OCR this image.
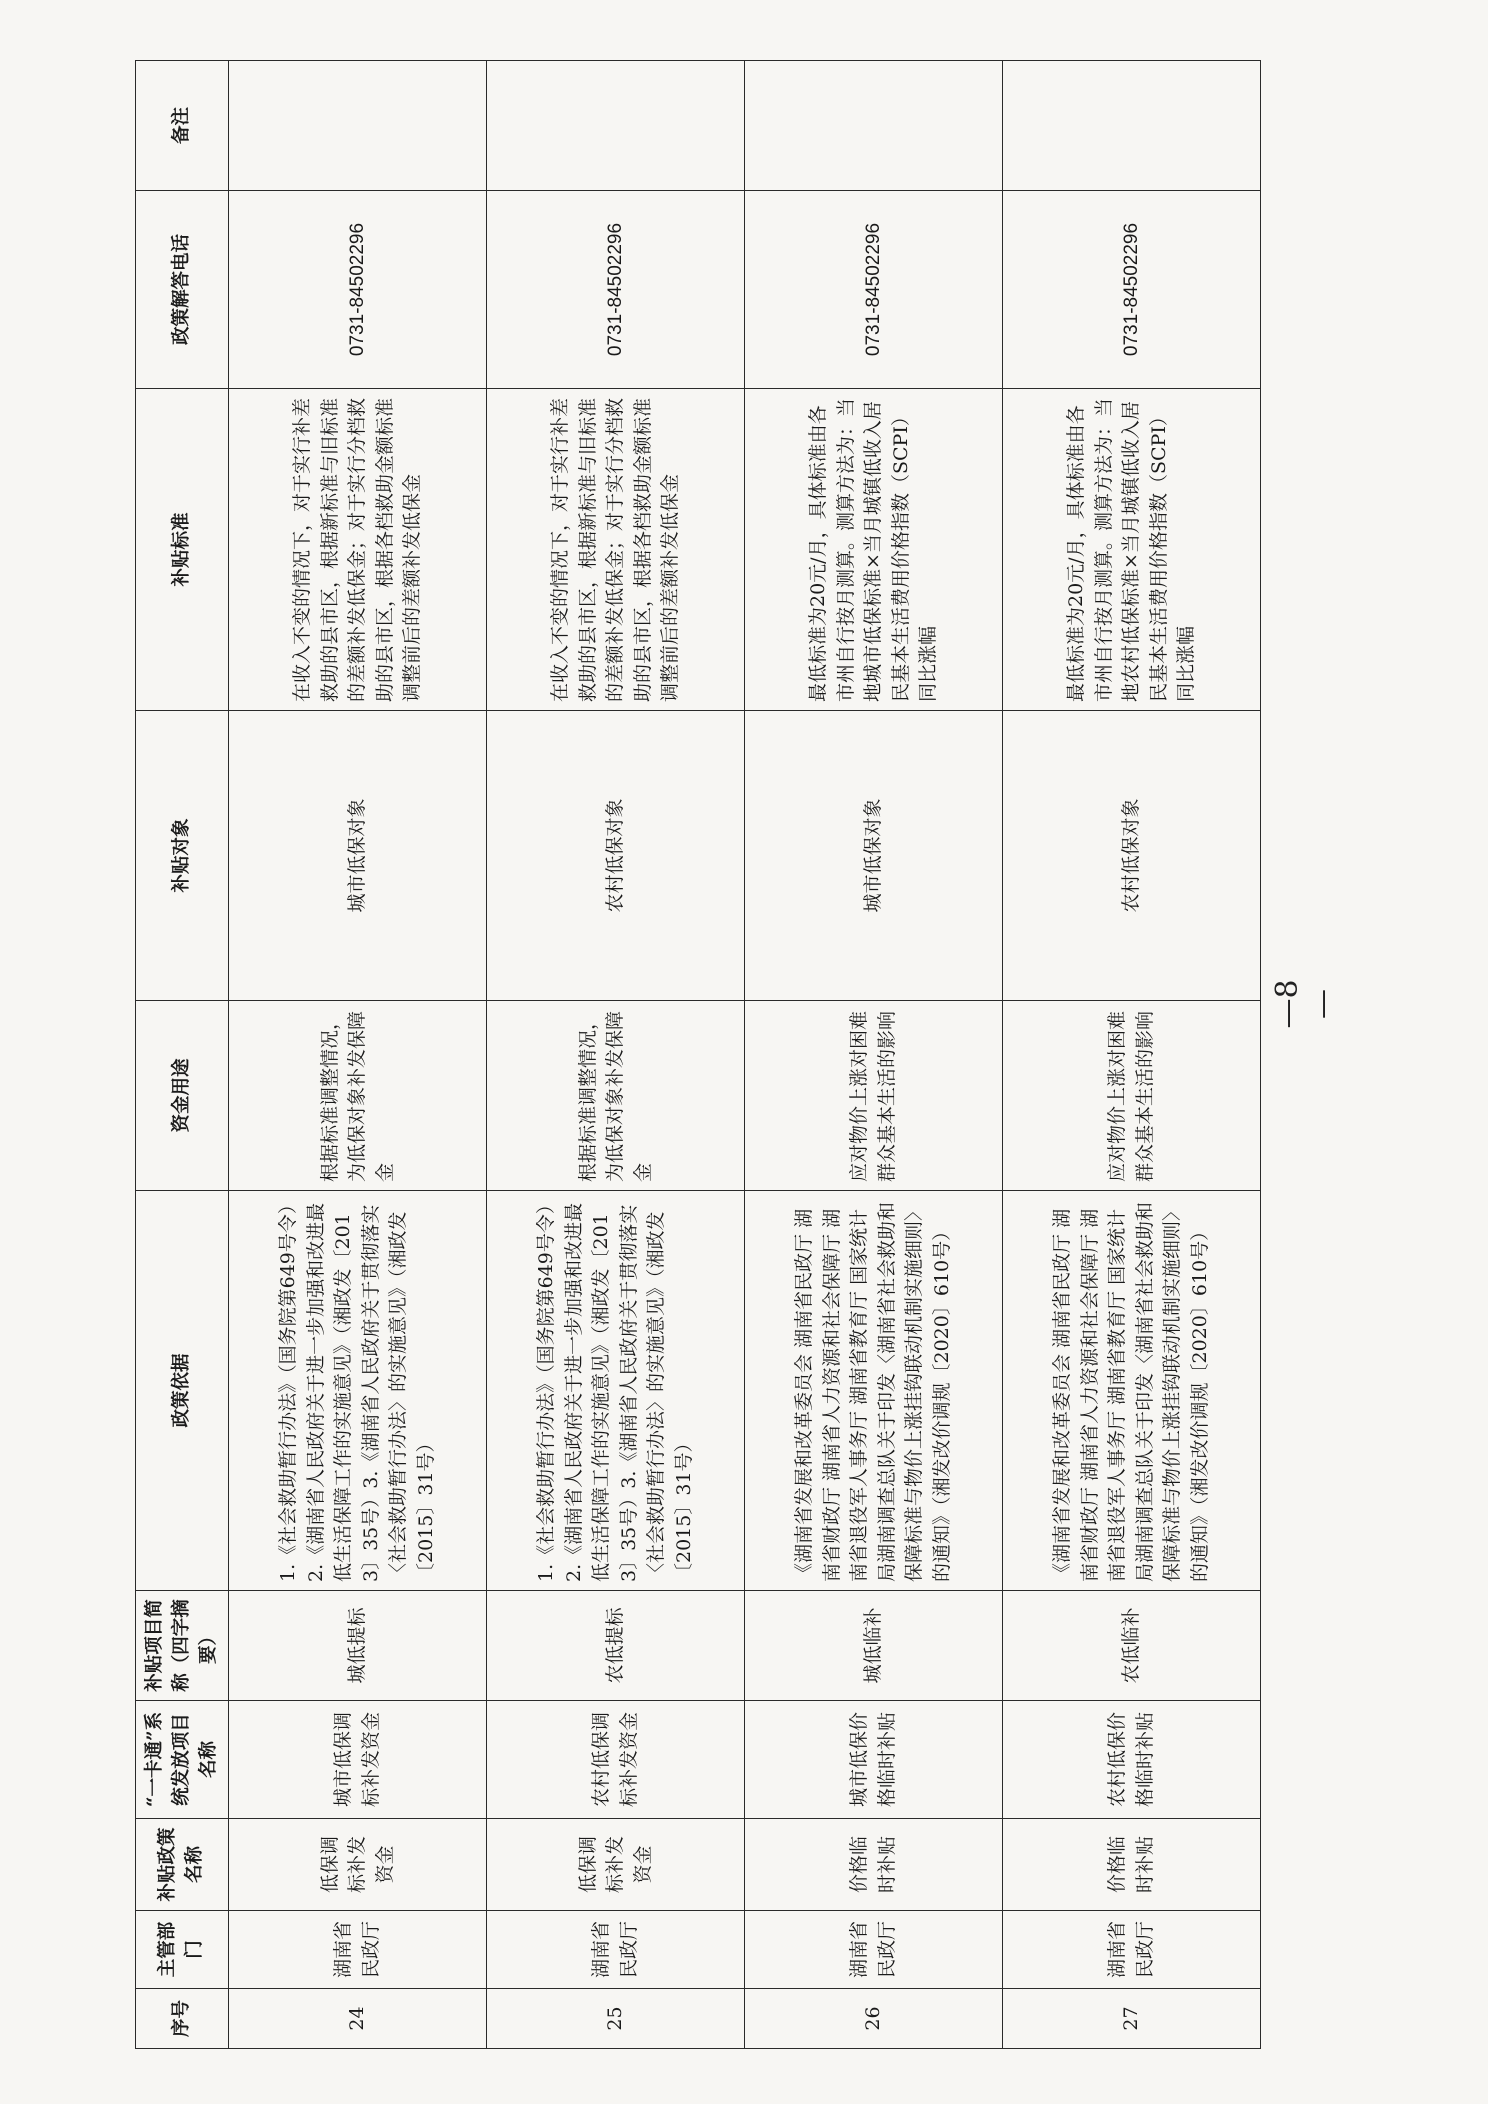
序号	主管部门	补贴政策名称	“一卡通”系统发放项目名称	补贴项目简称（四字摘要）	政策依据	资金用途	补贴对象	补贴标准	政策解答电话	备注
24	湖南省民政厅	低保调标补发资金	城市低保调标补发资金	城低提标	1.《社会救助暂行办法》（国务院第649号令）2.《湖南省人民政府关于进一步加强和改进最低生活保障工作的实施意见》（湘政发〔2013〕35号）3.《湖南省人民政府关于贯彻落实〈社会救助暂行办法〉的实施意见》（湘政发〔2015〕31号）	根据标准调整情况，为低保对象补发保障金	城市低保对象	在收入不变的情况下，对于实行补差救助的县市区，根据新标准与旧标准的差额补发低保金；对于实行分档救助的县市区，根据各档救助金额标准调整前后的差额补发低保金	0731-84502296	
25	湖南省民政厅	低保调标补发资金	农村低保调标补发资金	农低提标	1.《社会救助暂行办法》（国务院第649号令）2.《湖南省人民政府关于进一步加强和改进最低生活保障工作的实施意见》（湘政发〔2013〕35号）3.《湖南省人民政府关于贯彻落实〈社会救助暂行办法〉的实施意见》（湘政发〔2015〕31号）	根据标准调整情况，为低保对象补发保障金	农村低保对象	在收入不变的情况下，对于实行补差救助的县市区，根据新标准与旧标准的差额补发低保金；对于实行分档救助的县市区，根据各档救助金额标准调整前后的差额补发低保金	0731-84502296	
26	湖南省民政厅	价格临时补贴	城市低保价格临时补贴	城低临补	《湖南省发展和改革委员会 湖南省民政厅 湖南省财政厅 湖南省人力资源和社会保障厅 湖南省退役军人事务厅 湖南省教育厅 国家统计局湖南调查总队关于印发〈湖南省社会救助和保障标准与物价上涨挂钩联动机制实施细则〉的通知》（湘发改价调规〔2020〕610号）	应对物价上涨对困难群众基本生活的影响	城市低保对象	最低标准为20元/月，具体标准由各市州自行按月测算。测算方法为：当地城市低保标准×当月城镇低收入居民基本生活费用价格指数（SCPI）同比涨幅	0731-84502296	
27	湖南省民政厅	价格临时补贴	农村低保价格临时补贴	农低临补	《湖南省发展和改革委员会 湖南省民政厅 湖南省财政厅 湖南省人力资源和社会保障厅 湖南省退役军人事务厅 湖南省教育厅 国家统计局湖南调查总队关于印发〈湖南省社会救助和保障标准与物价上涨挂钩联动机制实施细则〉的通知》（湘发改价调规〔2020〕610号）	应对物价上涨对困难群众基本生活的影响	农村低保对象	最低标准为20元/月，具体标准由各市州自行按月测算。测算方法为：当地农村低保标准×当月城镇低收入居民基本生活费用价格指数（SCPI）同比涨幅	0731-84502296	
—8—
